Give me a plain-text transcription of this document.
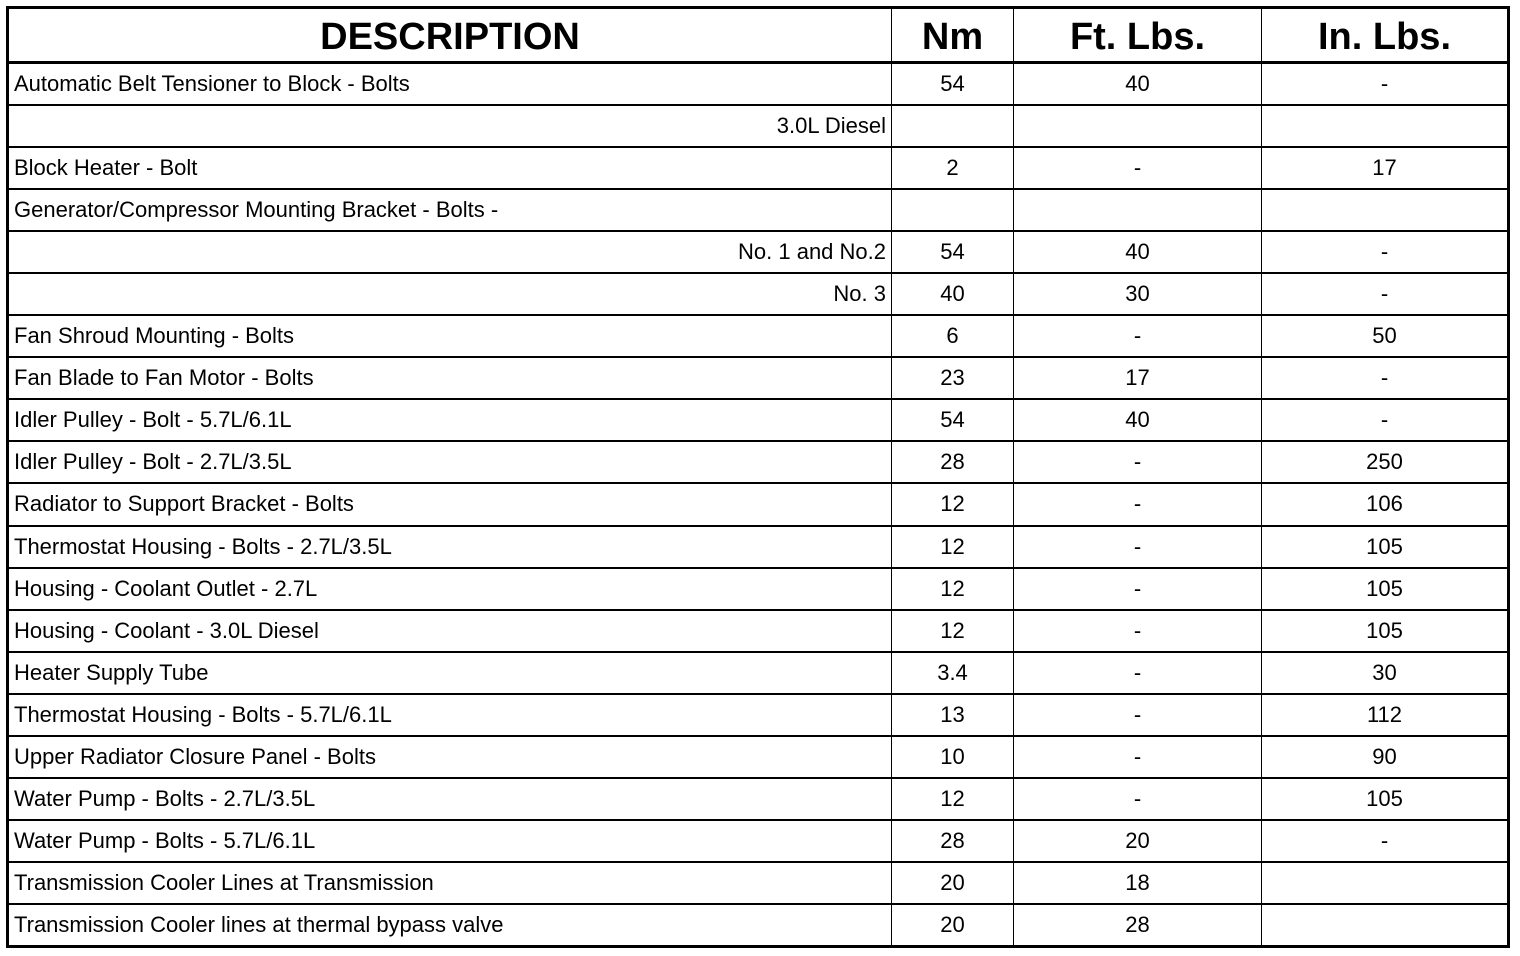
DESCRIPTION	Nm	Ft. Lbs.	In. Lbs.
Automatic Belt Tensioner to Block - Bolts	54	40	-
3.0L Diesel			
Block Heater - Bolt	2	-	17
Generator/Compressor Mounting Bracket - Bolts -			
No. 1 and No.2	54	40	-
No. 3	40	30	-
Fan Shroud Mounting - Bolts	6	-	50
Fan Blade to Fan Motor - Bolts	23	17	-
Idler Pulley - Bolt - 5.7L/6.1L	54	40	-
Idler Pulley - Bolt - 2.7L/3.5L	28	-	250
Radiator to Support Bracket - Bolts	12	-	106
Thermostat Housing - Bolts - 2.7L/3.5L	12	-	105
Housing - Coolant Outlet - 2.7L	12	-	105
Housing - Coolant - 3.0L Diesel	12	-	105
Heater Supply Tube	3.4	-	30
Thermostat Housing - Bolts - 5.7L/6.1L	13	-	112
Upper Radiator Closure Panel - Bolts	10	-	90
Water Pump - Bolts - 2.7L/3.5L	12	-	105
Water Pump - Bolts - 5.7L/6.1L	28	20	-
Transmission Cooler Lines at Transmission	20	18	
Transmission Cooler lines at thermal bypass valve	20	28	
